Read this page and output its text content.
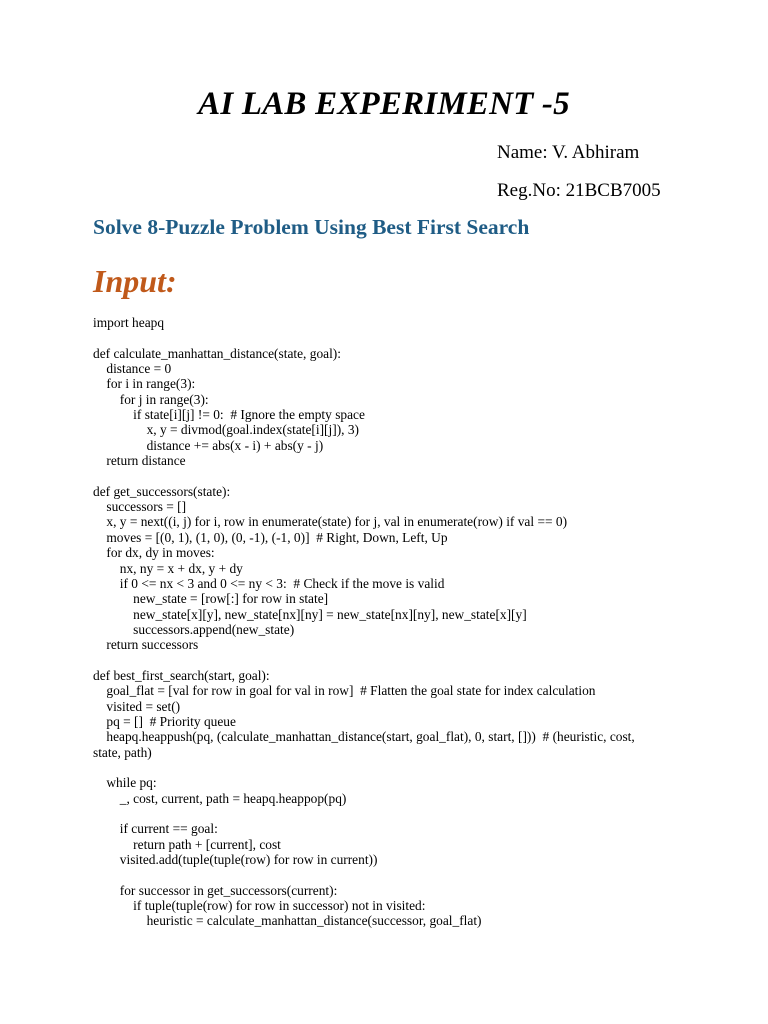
AI LAB EXPERIMENT -5

Name: V. Abhiram

Reg.No: 21BCB7005

Solve 8-Puzzle Problem Using Best First Search
Input:
import heapq
def calculate_manhattan_distance(state, goal):
distance = 0
for i in range(3):
for j in range(3):
if state[i][j] != 0:  # Ignore the empty space
x, y = divmod(goal.index(state[i][j]), 3)
distance += abs(x - i) + abs(y - j)
return distance
def get_successors(state):
successors = []
x, y = next((i, j) for i, row in enumerate(state) for j, val in enumerate(row) if val == 0)
moves = [(0, 1), (1, 0), (0, -1), (-1, 0)]  # Right, Down, Left, Up
for dx, dy in moves:
nx, ny = x + dx, y + dy
if 0 <= nx < 3 and 0 <= ny < 3:  # Check if the move is valid
new_state = [row[:] for row in state]
new_state[x][y], new_state[nx][ny] = new_state[nx][ny], new_state[x][y]
successors.append(new_state)
return successors
def best_first_search(start, goal):
goal_flat = [val for row in goal for val in row]  # Flatten the goal state for index calculation
visited = set()
pq = []  # Priority queue
heapq.heappush(pq, (calculate_manhattan_distance(start, goal_flat), 0, start, []))  # (heuristic, cost,
state, path)
while pq:
_, cost, current, path = heapq.heappop(pq)
if current == goal:
return path + [current], cost
visited.add(tuple(tuple(row) for row in current))
for successor in get_successors(current):
if tuple(tuple(row) for row in successor) not in visited:
heuristic = calculate_manhattan_distance(successor, goal_flat)
